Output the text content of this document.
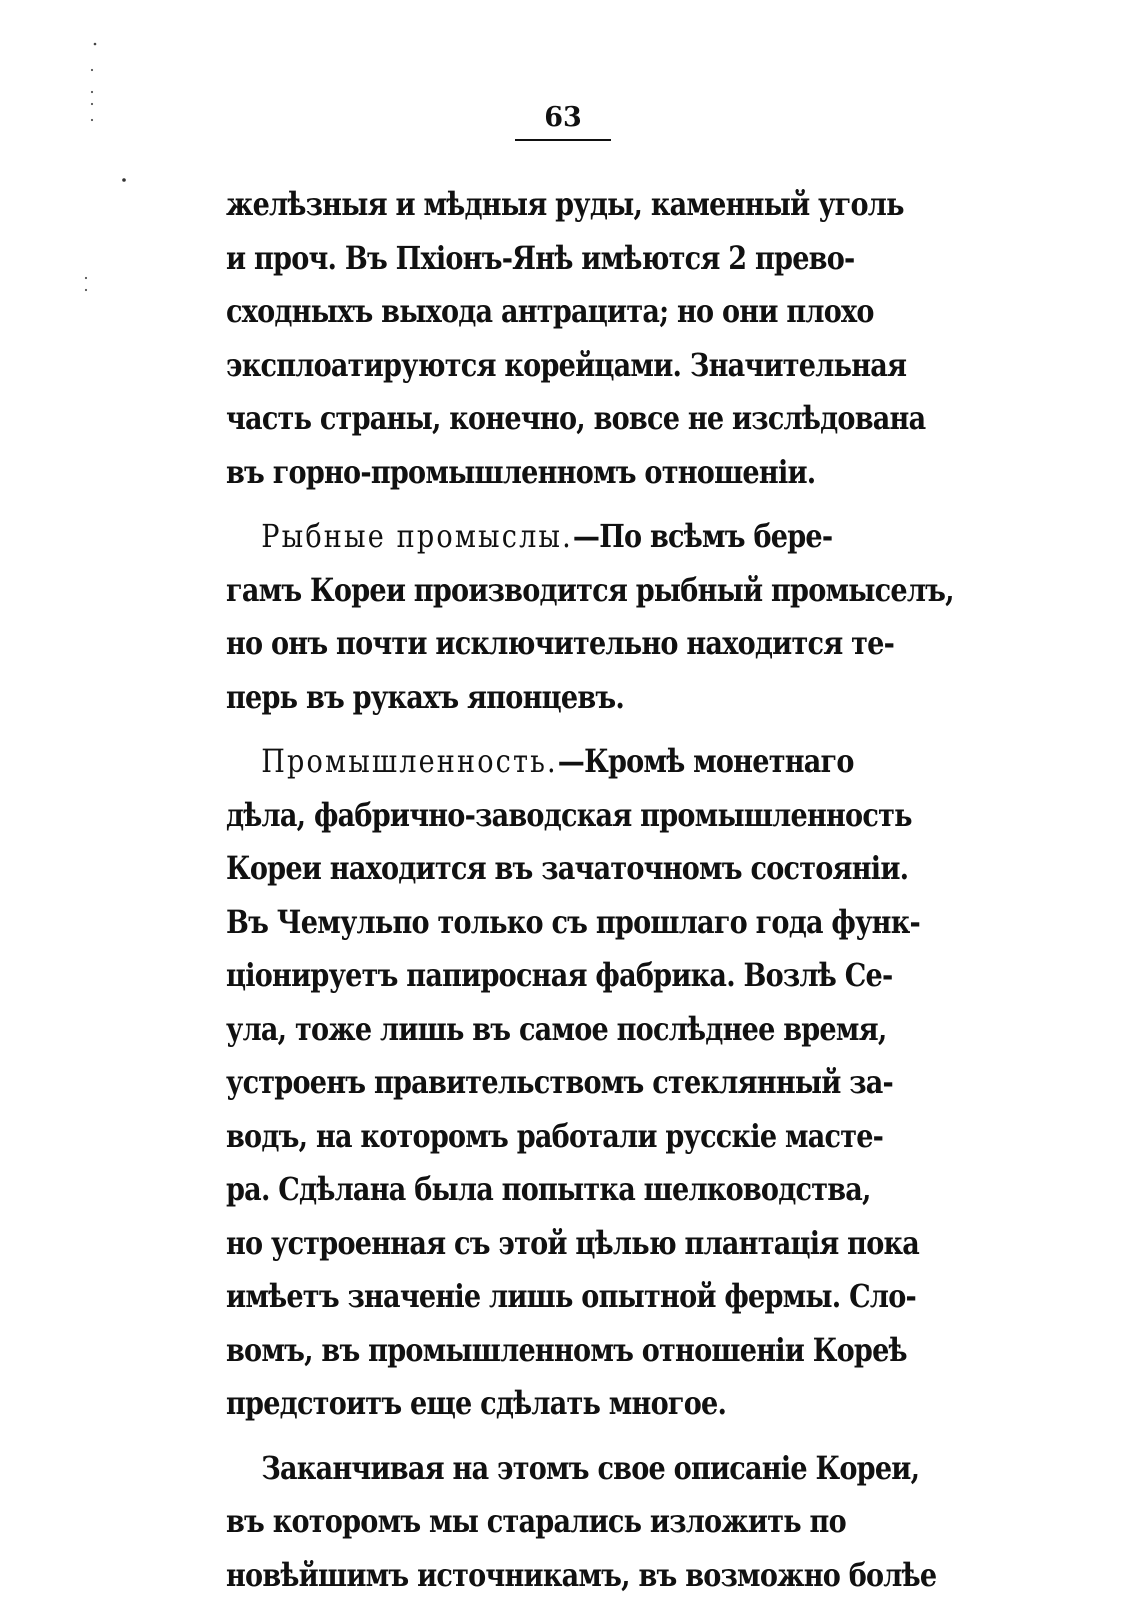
63
желѣзныя и мѣдныя руды, каменный уголь
и проч. Въ Пхіонъ-Янѣ имѣются 2 прево-
сходныхъ выхода антрацита; но они плохо
эксплоатируются корейцами. Значительная
часть страны, конечно, вовсе не изслѣдована
въ горно-промышленномъ отношеніи.
Рыбные промыслы.—По всѣмъ бере-
гамъ Кореи производится рыбный промыселъ,
но онъ почти исключительно находится те-
перь въ рукахъ японцевъ.
Промышленность.—Кромѣ монетнаго
дѣла, фабрично-заводская промышленность
Кореи находится въ зачаточномъ состояніи.
Въ Чемульпо только съ прошлаго года функ-
ціонируетъ папиросная фабрика. Возлѣ Се-
ула, тоже лишь въ самое послѣднее время,
устроенъ правительствомъ стеклянный за-
водъ, на которомъ работали русскіе масте-
ра. Сдѣлана была попытка шелководства,
но устроенная съ этой цѣлью плантація пока
имѣетъ значеніе лишь опытной фермы. Сло-
вомъ, въ промышленномъ отношеніи Кореѣ
предстоитъ еще сдѣлать многое.
Заканчивая на этомъ свое описаніе Кореи,
въ которомъ мы старались изложить по
новѣйшимъ источникамъ, въ возможно болѣе
